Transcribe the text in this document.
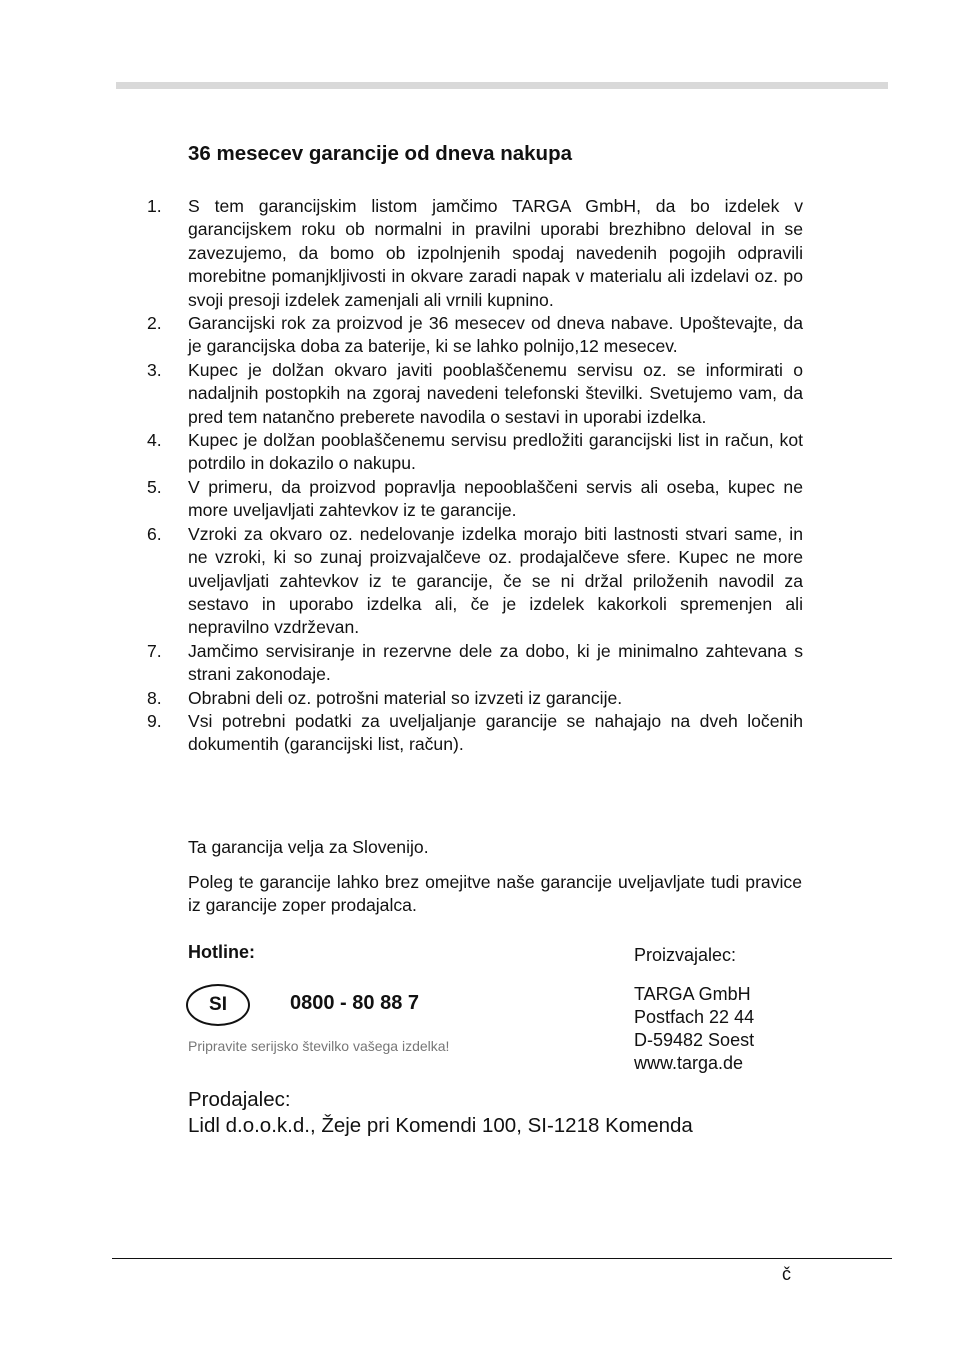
36 mesecev garancije od dneva nakupa
1. S tem garancijskim listom jamčimo TARGA GmbH, da bo izdelek v garancijskem roku ob normalni in pravilni uporabi brezhibno deloval in se zavezujemo, da bomo ob izpolnjenih spodaj navedenih pogojih odpravili morebitne pomanjkljivosti in okvare zaradi napak v materialu ali izdelavi oz. po svoji presoji izdelek zamenjali ali vrnili kupnino.
2. Garancijski rok za proizvod je 36 mesecev od dneva nabave. Upoštevajte, da je garancijska doba za baterije, ki se lahko polnijo,12 mesecev.
3. Kupec je dolžan okvaro javiti pooblaščenemu servisu oz. se informirati o nadaljnih postopkih na zgoraj navedeni telefonski številki. Svetujemo vam, da pred tem natančno preberete navodila o sestavi in uporabi izdelka.
4. Kupec je dolžan pooblaščenemu servisu predložiti garancijski list in račun, kot potrdilo in dokazilo o nakupu.
5. V primeru, da proizvod popravlja nepooblaščeni servis ali oseba, kupec ne more uveljavljati zahtevkov iz te garancije.
6. Vzroki za okvaro oz. nedelovanje izdelka morajo biti lastnosti stvari same, in ne vzroki, ki so zunaj proizvajalčeve oz. prodajalčeve sfere. Kupec ne more uveljavljati zahtevkov iz te garancije, če se ni držal priloženih navodil za sestavo in uporabo izdelka ali, če je izdelek kakorkoli spremenjen ali nepravilno vzdrževan.
7. Jamčimo servisiranje in rezervne dele za dobo, ki je minimalno zahtevana s strani zakonodaje.
8. Obrabni deli oz. potrošni material so izvzeti iz garancije.
9. Vsi potrebni podatki za uveljaljanje garancije se nahajajo na dveh ločenih dokumentih (garancijski list, račun).

Ta garancija velja za Slovenijo.

Poleg te garancije lahko brez omejitve naše garancije uveljavljate tudi pravice iz garancije zoper prodajalca.

Hotline:
SI	0800 - 80 88 7
Pripravite serijsko številko vašega izdelka!
Proizvajalec:
TARGA GmbH
Postfach 22 44
D-59482 Soest
www.targa.de
Prodajalec:
Lidl d.o.o.k.d., Žeje pri Komendi 100, SI-1218 Komenda
č
